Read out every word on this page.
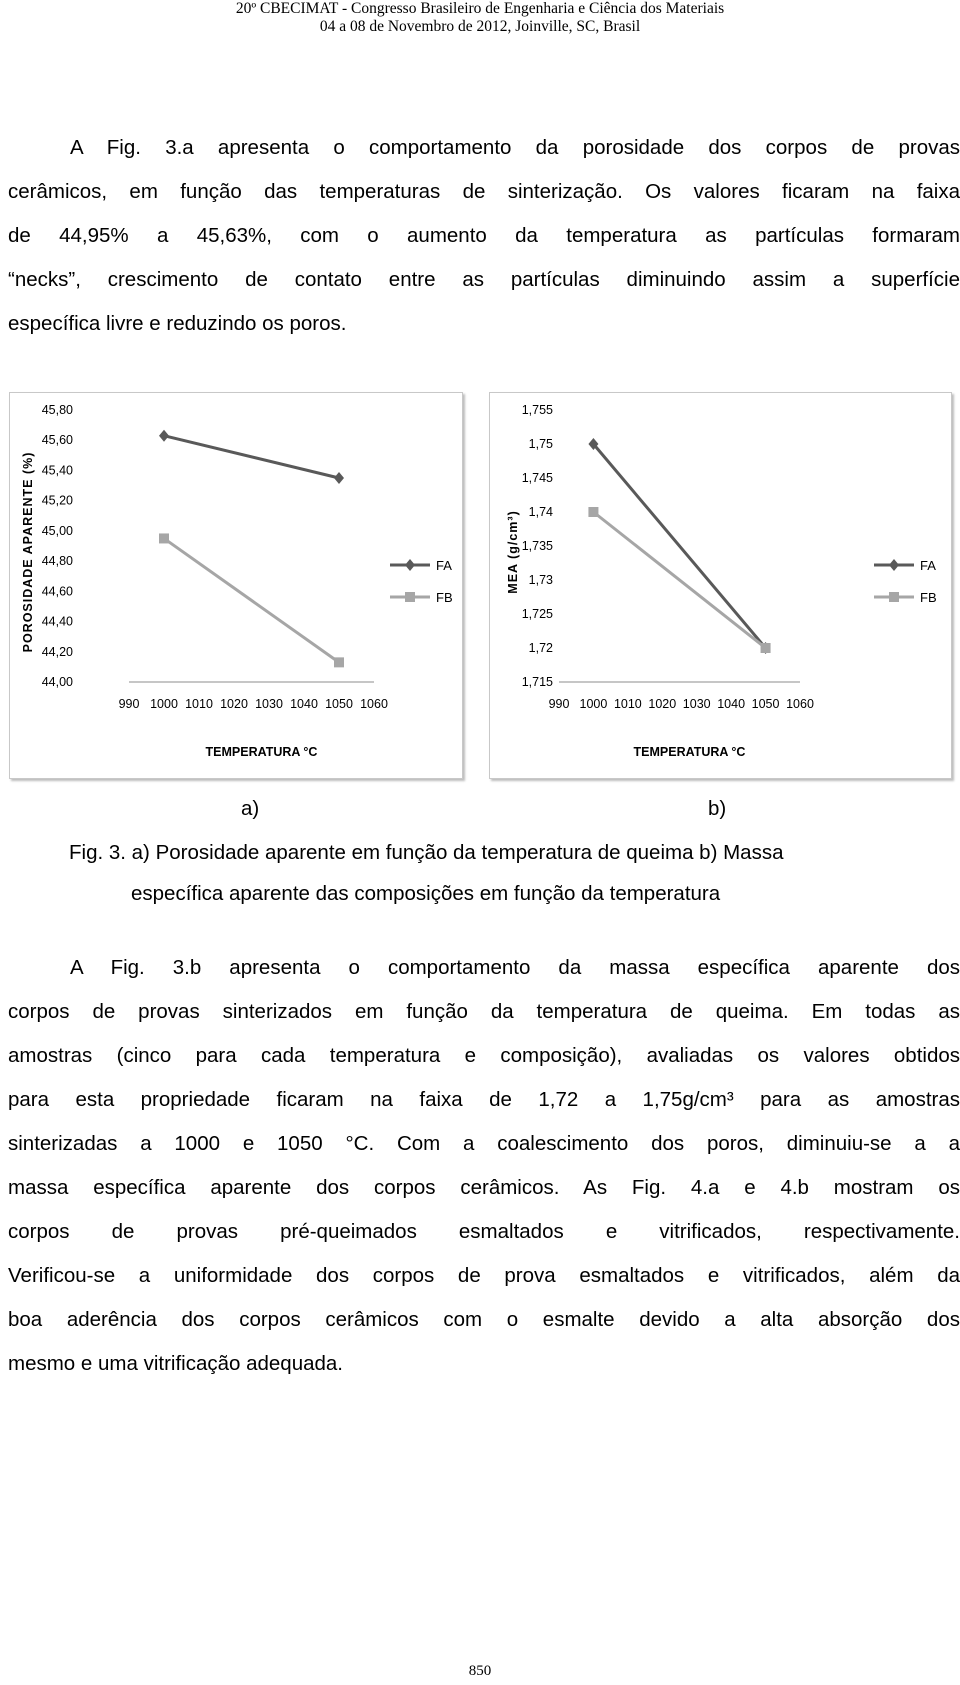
20º CBECIMAT - Congresso Brasileiro de Engenharia e Ciência dos Materiais
04 a 08 de Novembro de 2012, Joinville, SC, Brasil
A Fig. 3.a apresenta o comportamento da porosidade dos corpos de provas
cerâmicos, em função das temperaturas de sinterização. Os valores ficaram na faixa
de 44,95% a 45,63%, com o aumento da temperatura as partículas formaram
“necks”, crescimento de contato entre as partículas diminuindo assim a superfície
específica livre e reduzindo os poros.
44,00
44,20
44,40
44,60
44,80
45,00
45,20
45,40
45,60
45,80
990 1000 1010 1020 1030 1040 1050 1060
TEMPERATURA °C
POROSIDADE APARENTE (%)	FA
FB
1,715
1,72
1,725
1,73
1,735
1,74
1,745
1,75
1,755
990 1000 1010 1020 1030 1040 1050 1060
TEMPERATURA °C
MEA (g/cm³)	FA
FB
a)	b)
Fig. 3. a) Porosidade aparente em função da temperatura de queima b) Massa
específica aparente das composições em função da temperatura
A Fig. 3.b apresenta o comportamento da massa específica aparente dos
corpos de provas sinterizados em função da temperatura de queima. Em todas as
amostras (cinco para cada temperatura e composição), avaliadas os valores obtidos
para esta propriedade ficaram na faixa de 1,72 a 1,75g/cm³ para as amostras
sinterizadas a 1000 e 1050 °C. Com a coalescimento dos poros, diminuiu-se a a
massa específica aparente dos corpos cerâmicos. As Fig. 4.a e 4.b mostram os
corpos de provas pré-queimados esmaltados e vitrificados, respectivamente.
Verificou-se a uniformidade dos corpos de prova esmaltados e vitrificados, além da
boa aderência dos corpos cerâmicos com o esmalte devido a alta absorção dos
mesmo e uma vitrificação adequada.
850
